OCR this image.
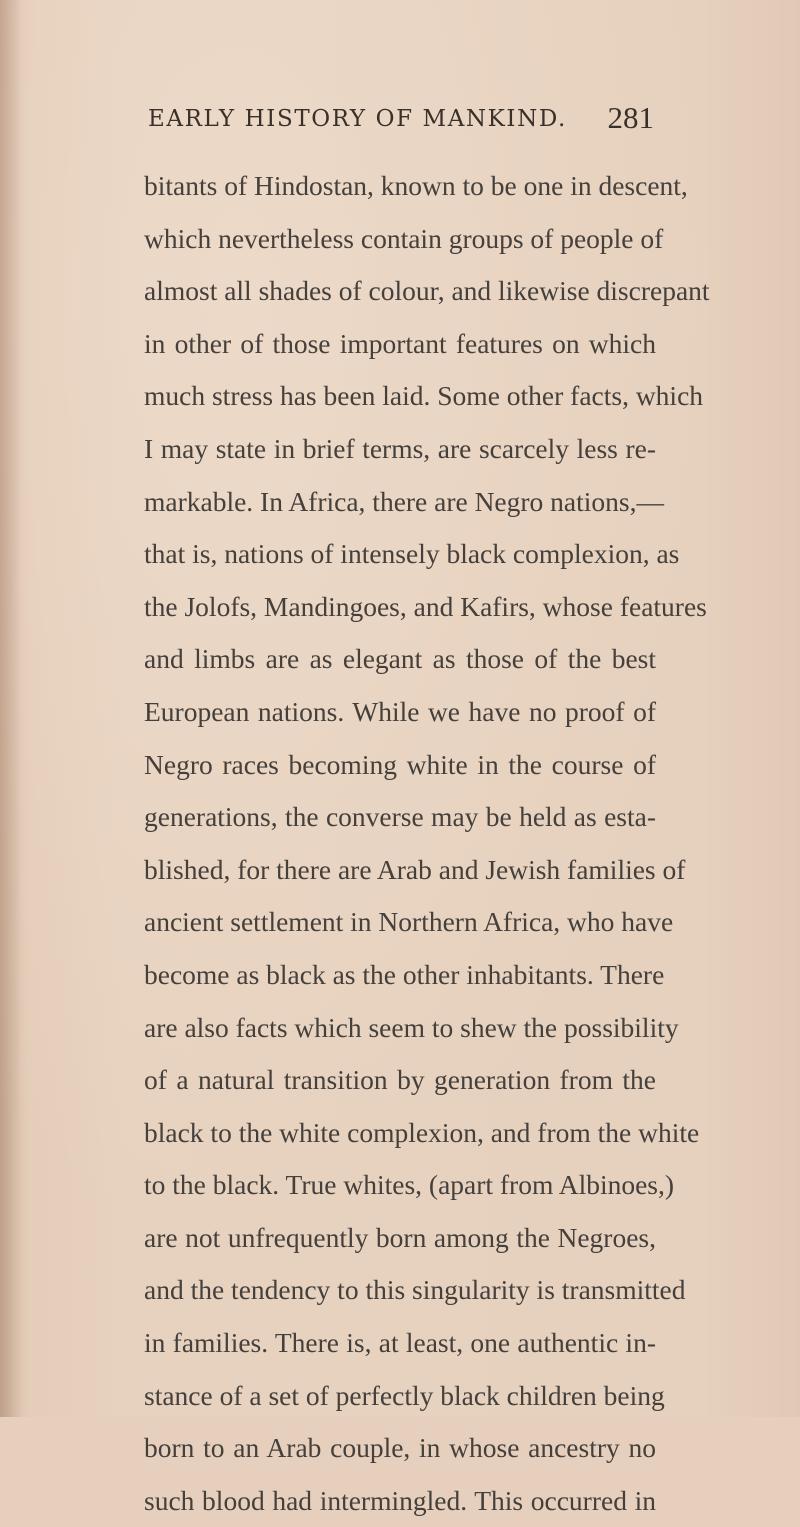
EARLY HISTORY OF MANKIND.	281
bitants of Hindostan, known to be one in descent,
which nevertheless contain groups of people of
almost all shades of colour, and likewise discrepant
in other of those important features on which
much stress has been laid. Some other facts, which
I may state in brief terms, are scarcely less re-
markable. In Africa, there are Negro nations,—
that is, nations of intensely black complexion, as
the Jolofs, Mandingoes, and Kafirs, whose features
and limbs are as elegant as those of the best
European nations. While we have no proof of
Negro races becoming white in the course of
generations, the converse may be held as esta-
blished, for there are Arab and Jewish families of
ancient settlement in Northern Africa, who have
become as black as the other inhabitants. There
are also facts which seem to shew the possibility
of a natural transition by generation from the
black to the white complexion, and from the white
to the black. True whites, (apart from Albinoes,)
are not unfrequently born among the Negroes,
and the tendency to this singularity is transmitted
in families. There is, at least, one authentic in-
stance of a set of perfectly black children being
born to an Arab couple, in whose ancestry no
such blood had intermingled. This occurred in
